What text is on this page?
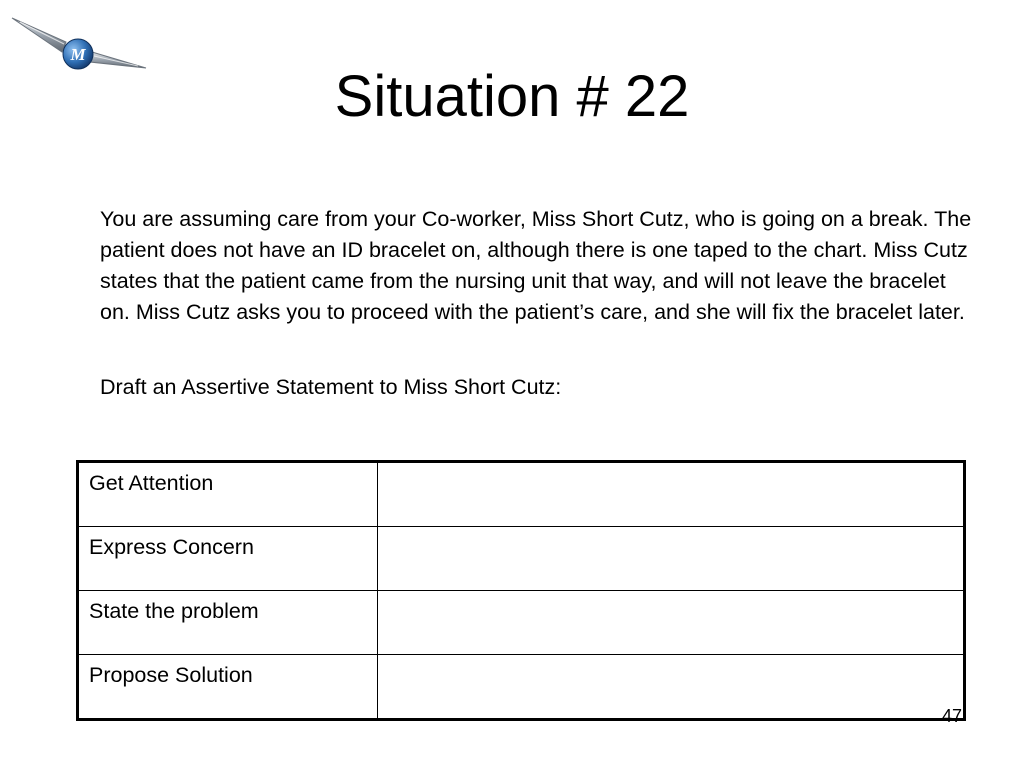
M
Situation # 22

You are assuming care from your Co-worker, Miss Short Cutz, who is going on a break. The patient does not have an ID bracelet on, although there is one taped to the chart. Miss Cutz states that the patient came from the nursing unit that way, and will not leave the bracelet on. Miss Cutz asks you to proceed with the patient’s care, and she will fix the bracelet later.

Draft an Assertive Statement to Miss Short Cutz:

Get Attention	
Express Concern	
State the problem	
Propose Solution	
47
